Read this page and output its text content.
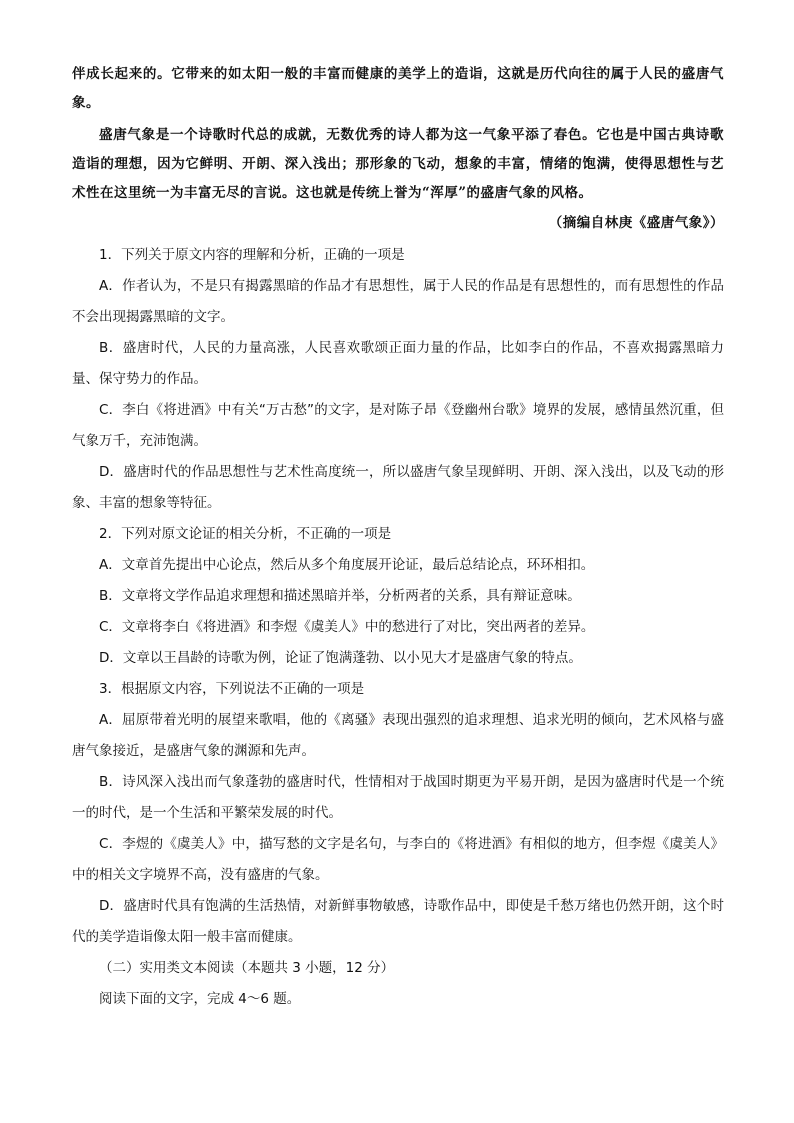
伴成长起来的。它带来的如太阳一般的丰富而健康的美学上的造诣，这就是历代向往的属于人民的盛唐气象。

盛唐气象是一个诗歌时代总的成就，无数优秀的诗人都为这一气象平添了春色。它也是中国古典诗歌造诣的理想，因为它鲜明、开朗、深入浅出；那形象的飞动，想象的丰富，情绪的饱满，使得思想性与艺术性在这里统一为丰富无尽的言说。这也就是传统上誉为“浑厚”的盛唐气象的风格。

（摘编自林庚《盛唐气象》）

1．下列关于原文内容的理解和分析，正确的一项是

A．作者认为，不是只有揭露黑暗的作品才有思想性，属于人民的作品是有思想性的，而有思想性的作品不会出现揭露黑暗的文字。

B．盛唐时代，人民的力量高涨，人民喜欢歌颂正面力量的作品，比如李白的作品，不喜欢揭露黑暗力量、保守势力的作品。

C．李白《将进酒》中有关“万古愁”的文字，是对陈子昂《登幽州台歌》境界的发展，感情虽然沉重，但气象万千，充沛饱满。

D．盛唐时代的作品思想性与艺术性高度统一，所以盛唐气象呈现鲜明、开朗、深入浅出，以及飞动的形象、丰富的想象等特征。

2．下列对原文论证的相关分析，不正确的一项是

A．文章首先提出中心论点，然后从多个角度展开论证，最后总结论点，环环相扣。

B．文章将文学作品追求理想和描述黑暗并举，分析两者的关系，具有辩证意味。

C．文章将李白《将进酒》和李煜《虞美人》中的愁进行了对比，突出两者的差异。

D．文章以王昌龄的诗歌为例，论证了饱满蓬勃、以小见大才是盛唐气象的特点。

3．根据原文内容，下列说法不正确的一项是

A．屈原带着光明的展望来歌唱，他的《离骚》表现出强烈的追求理想、追求光明的倾向，艺术风格与盛唐气象接近，是盛唐气象的渊源和先声。

B．诗风深入浅出而气象蓬勃的盛唐时代，性情相对于战国时期更为平易开朗，是因为盛唐时代是一个统一的时代，是一个生活和平繁荣发展的时代。

C．李煜的《虞美人》中，描写愁的文字是名句，与李白的《将进酒》有相似的地方，但李煜《虞美人》中的相关文字境界不高，没有盛唐的气象。

D．盛唐时代具有饱满的生活热情，对新鲜事物敏感，诗歌作品中，即使是千愁万绪也仍然开朗，这个时代的美学造诣像太阳一般丰富而健康。

（二）实用类文本阅读（本题共 3 小题，12 分）

阅读下面的文字，完成 4～6 题。
